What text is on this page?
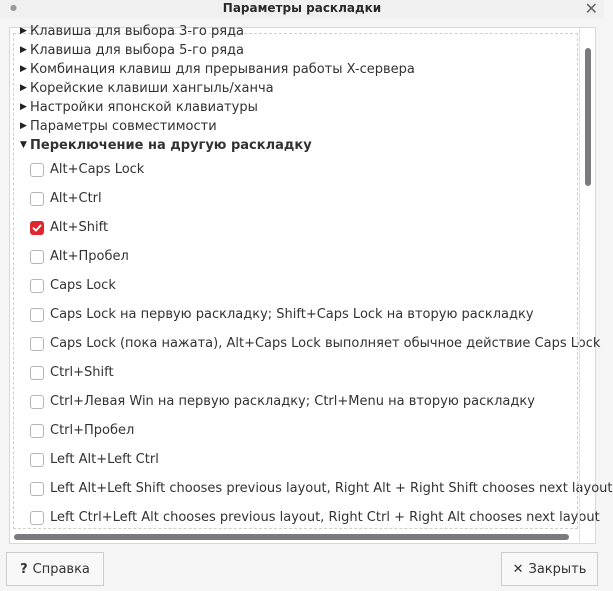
●	Параметры раскладки	✕
▶ Клавиша для выбора 3-го ряда
▶ Клавиша для выбора 5-го ряда
▶ Комбинация клавиш для прерывания работы X-сервера
▶ Корейские клавиши хангыль/ханча
▶ Настройки японской клавиатуры
▶ Параметры совместимости
▼ Переключение на другую раскладку
Alt+Caps Lock
Alt+Ctrl
Alt+Shift
Alt+Пробел
Caps Lock
Caps Lock на первую раскладку; Shift+Caps Lock на вторую раскладку
Caps Lock (пока нажата), Alt+Caps Lock выполняет обычное действие Caps Lock
Ctrl+Shift
Ctrl+Левая Win на первую раскладку; Ctrl+Menu на вторую раскладку
Ctrl+Пробел
Left Alt+Left Ctrl
Left Alt+Left Shift chooses previous layout, Right Alt + Right Shift chooses next layout
Left Ctrl+Left Alt chooses previous layout, Right Ctrl + Right Alt chooses next layout
? Справка	✕ Закрыть
